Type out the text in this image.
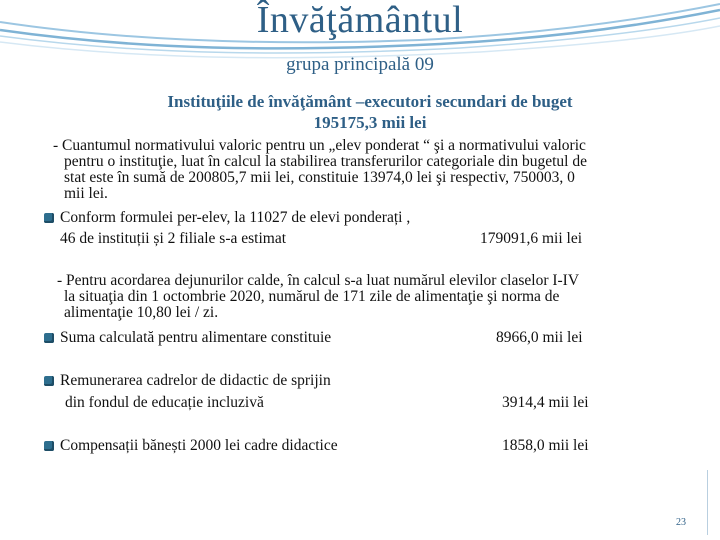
Învăţământul
grupa principală 09
Instituţiile de învăţământ –executori secundari de buget
195175,3 mii lei
- Cuantumul normativului valoric pentru un „elev ponderat “ şi a normativului valoric
pentru o instituţie, luat în calcul la stabilirea transferurilor categoriale din bugetul de
stat este în sumă de 200805,7 mii lei, constituie 13974,0 lei şi respectiv, 750003, 0
mii lei.
Conform formulei per-elev, la 11027 de elevi ponderați ,
46 de instituții și 2 filiale s-a estimat	179091,6 mii lei
- Pentru acordarea dejunurilor calde, în calcul s-a luat numărul elevilor claselor I-IV
la situaţia din 1 octombrie 2020, numărul de 171 zile de alimentaţie şi norma de
alimentaţie 10,80 lei / zi.
Suma calculată pentru alimentare constituie	8966,0 mii lei
Remunerarea cadrelor de didactic de sprijin
din fondul de educație incluzivă	3914,4 mii lei
Compensații bănești 2000 lei cadre didactice	1858,0 mii lei
23
